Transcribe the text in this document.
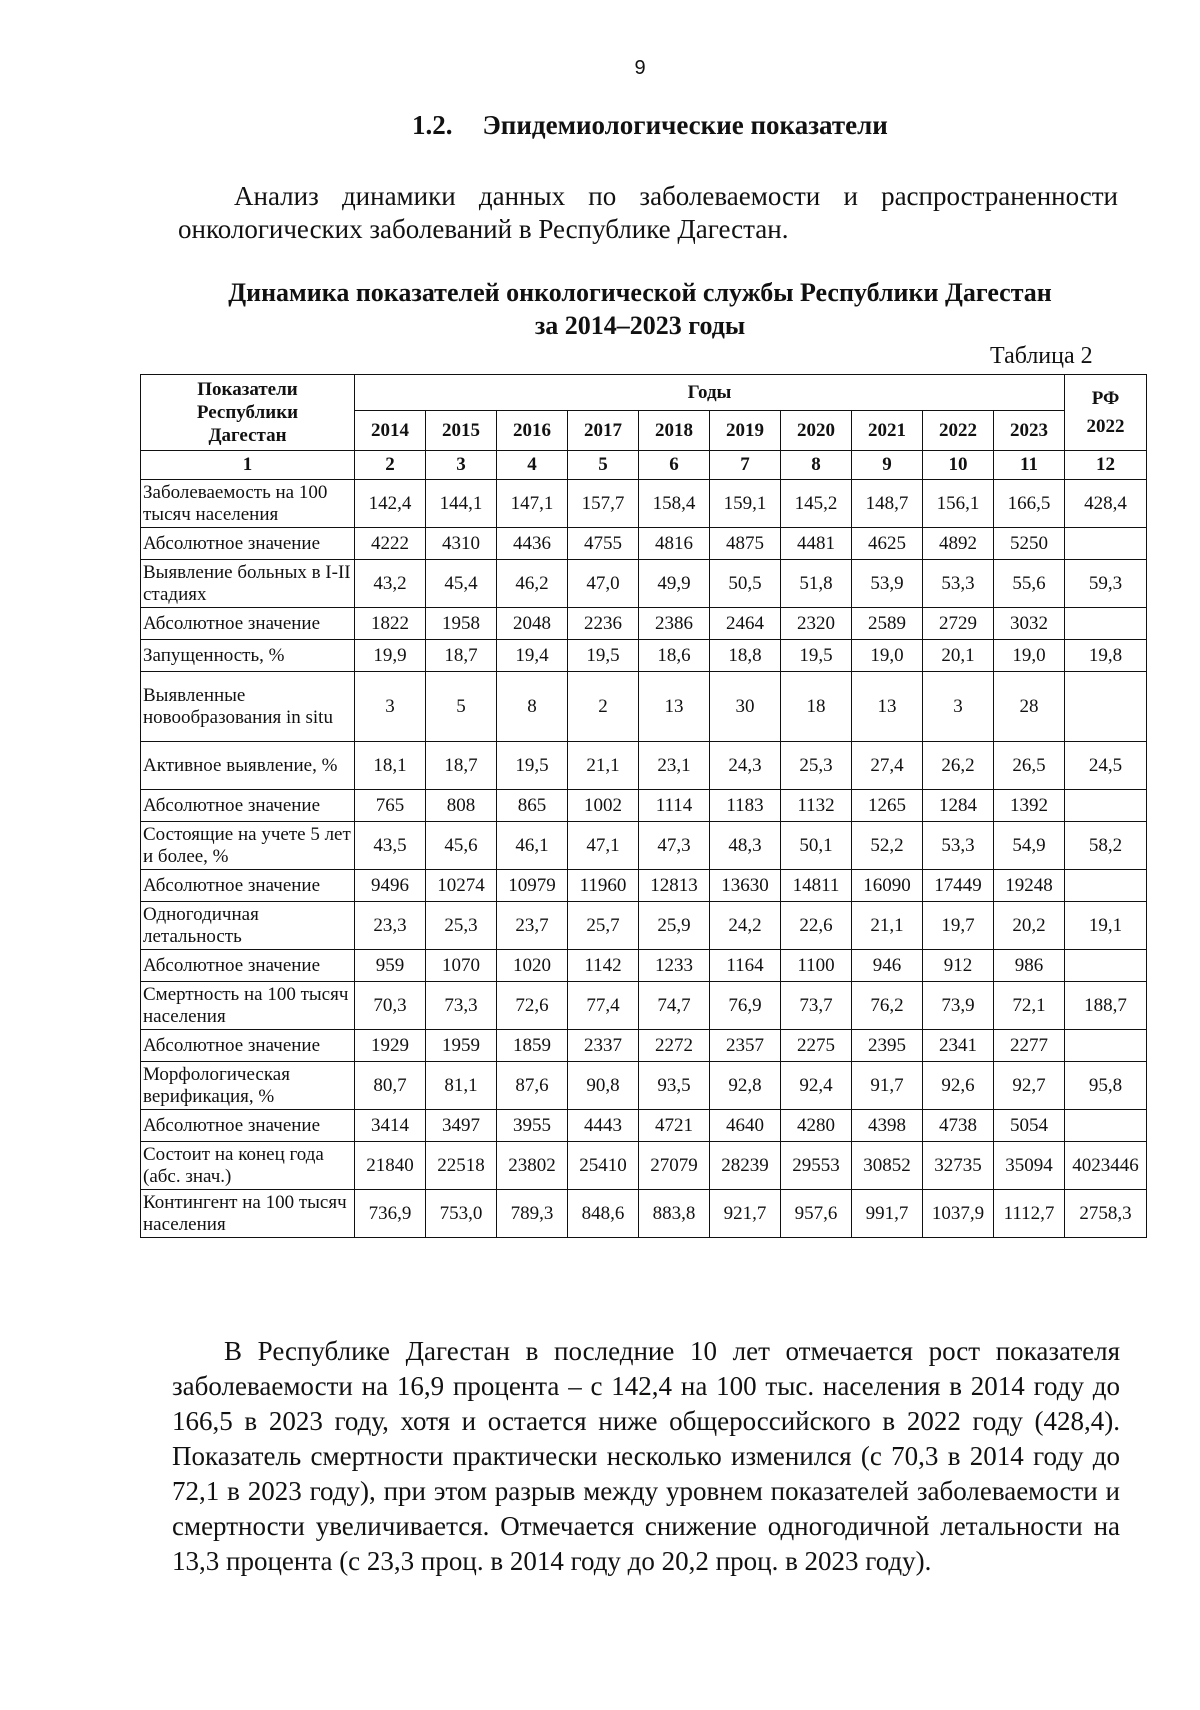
9
1.2. Эпидемиологические показатели
Анализ динамики данных по заболеваемости и распространенности онкологических заболеваний в Республике Дагестан.
Динамика показателей онкологической службы Республики Дагестан
за 2014–2023 годы
Таблица 2
Показатели Республики Дагестан	Годы										РФ 2022
	2014	2015	2016	2017	2018	2019	2020	2021	2022	2023	
1	2	3	4	5	6	7	8	9	10	11	12
Заболеваемость на 100 тысяч населения	142,4	144,1	147,1	157,7	158,4	159,1	145,2	148,7	156,1	166,5	428,4
Абсолютное значение	4222	4310	4436	4755	4816	4875	4481	4625	4892	5250	
Выявление больных в I-II стадиях	43,2	45,4	46,2	47,0	49,9	50,5	51,8	53,9	53,3	55,6	59,3
Абсолютное значение	1822	1958	2048	2236	2386	2464	2320	2589	2729	3032	
Запущенность, %	19,9	18,7	19,4	19,5	18,6	18,8	19,5	19,0	20,1	19,0	19,8
Выявленные новообразования in situ	3	5	8	2	13	30	18	13	3	28	
Активное выявление, %	18,1	18,7	19,5	21,1	23,1	24,3	25,3	27,4	26,2	26,5	24,5
Абсолютное значение	765	808	865	1002	1114	1183	1132	1265	1284	1392	
Состоящие на учете 5 лет и более, %	43,5	45,6	46,1	47,1	47,3	48,3	50,1	52,2	53,3	54,9	58,2
Абсолютное значение	9496	10274	10979	11960	12813	13630	14811	16090	17449	19248	
Одногодичная летальность	23,3	25,3	23,7	25,7	25,9	24,2	22,6	21,1	19,7	20,2	19,1
Абсолютное значение	959	1070	1020	1142	1233	1164	1100	946	912	986	
Смертность на 100 тысяч населения	70,3	73,3	72,6	77,4	74,7	76,9	73,7	76,2	73,9	72,1	188,7
Абсолютное значение	1929	1959	1859	2337	2272	2357	2275	2395	2341	2277	
Морфологическая верификация, %	80,7	81,1	87,6	90,8	93,5	92,8	92,4	91,7	92,6	92,7	95,8
Абсолютное значение	3414	3497	3955	4443	4721	4640	4280	4398	4738	5054	
Состоит на конец года (абс. знач.)	21840	22518	23802	25410	27079	28239	29553	30852	32735	35094	4023446
Контингент на 100 тысяч населения	736,9	753,0	789,3	848,6	883,8	921,7	957,6	991,7	1037,9	1112,7	2758,3
В Республике Дагестан в последние 10 лет отмечается рост показателя заболеваемости на 16,9 процента – с 142,4 на 100 тыс. населения в 2014 году до 166,5 в 2023 году, хотя и остается ниже общероссийского в 2022 году (428,4). Показатель смертности практически несколько изменился (с 70,3 в 2014 году до 72,1 в 2023 году), при этом разрыв между уровнем показателей заболеваемости и смертности увеличивается. Отмечается снижение одногодичной летальности на 13,3 процента (с 23,3 проц. в 2014 году до 20,2 проц. в 2023 году).
